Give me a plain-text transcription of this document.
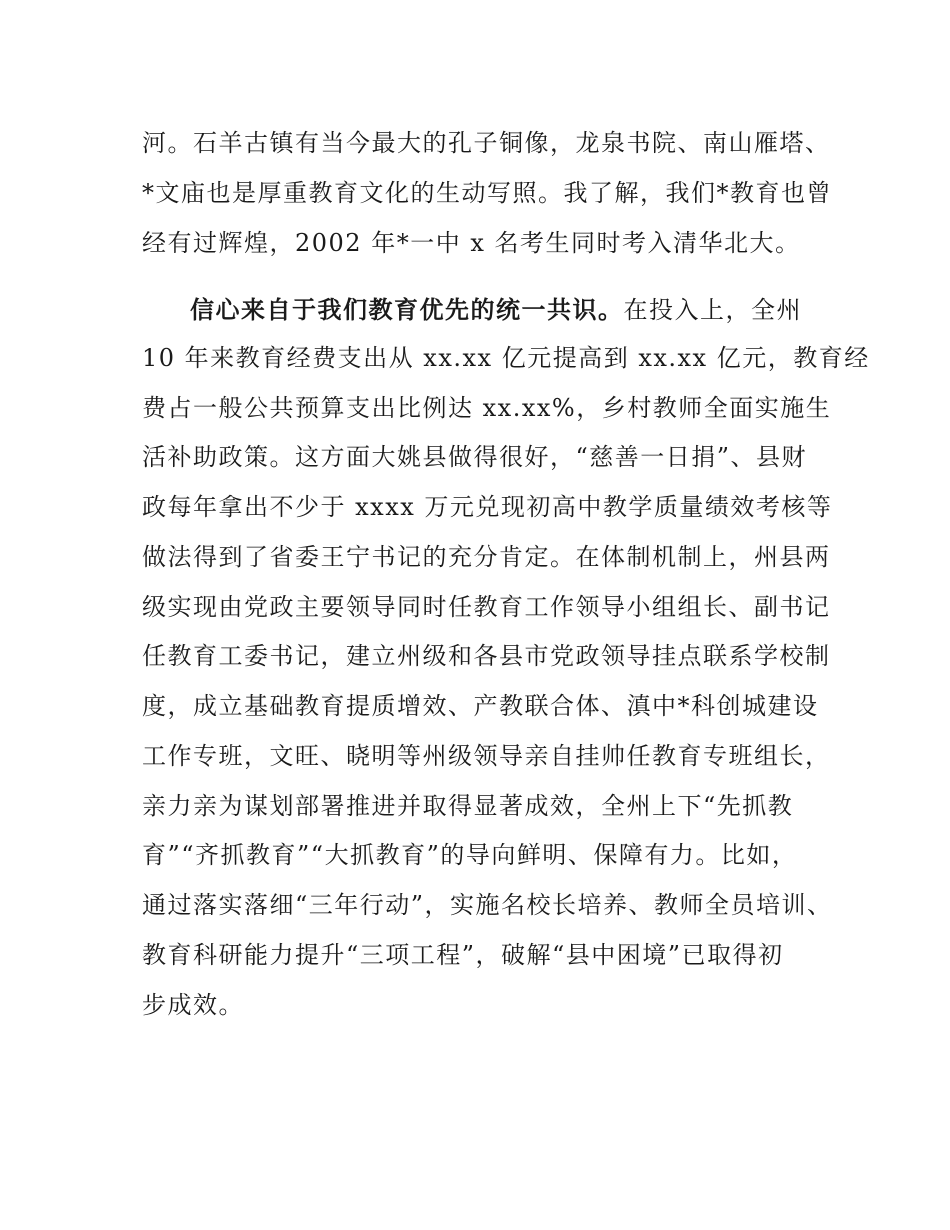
河。石羊古镇有当今最大的孔子铜像，龙泉书院、南山雁塔、
*文庙也是厚重教育文化的生动写照。我了解，我们*教育也曾
经有过辉煌，2002 年*一中 x 名考生同时考入清华北大。
信心来自于我们教育优先的统一共识。在投入上，全州
10 年来教育经费支出从 xx.xx 亿元提高到 xx.xx 亿元，教育经
费占一般公共预算支出比例达 xx.xx%，乡村教师全面实施生
活补助政策。这方面大姚县做得很好，“慈善一日捐”、县财
政每年拿出不少于 xxxx 万元兑现初高中教学质量绩效考核等
做法得到了省委王宁书记的充分肯定。在体制机制上，州县两
级实现由党政主要领导同时任教育工作领导小组组长、副书记
任教育工委书记，建立州级和各县市党政领导挂点联系学校制
度，成立基础教育提质增效、产教联合体、滇中*科创城建设
工作专班，文旺、晓明等州级领导亲自挂帅任教育专班组长，
亲力亲为谋划部署推进并取得显著成效，全州上下“先抓教
育”“齐抓教育”“大抓教育”的导向鲜明、保障有力。比如，
通过落实落细“三年行动”，实施名校长培养、教师全员培训、
教育科研能力提升“三项工程”，破解“县中困境”已取得初
步成效。
